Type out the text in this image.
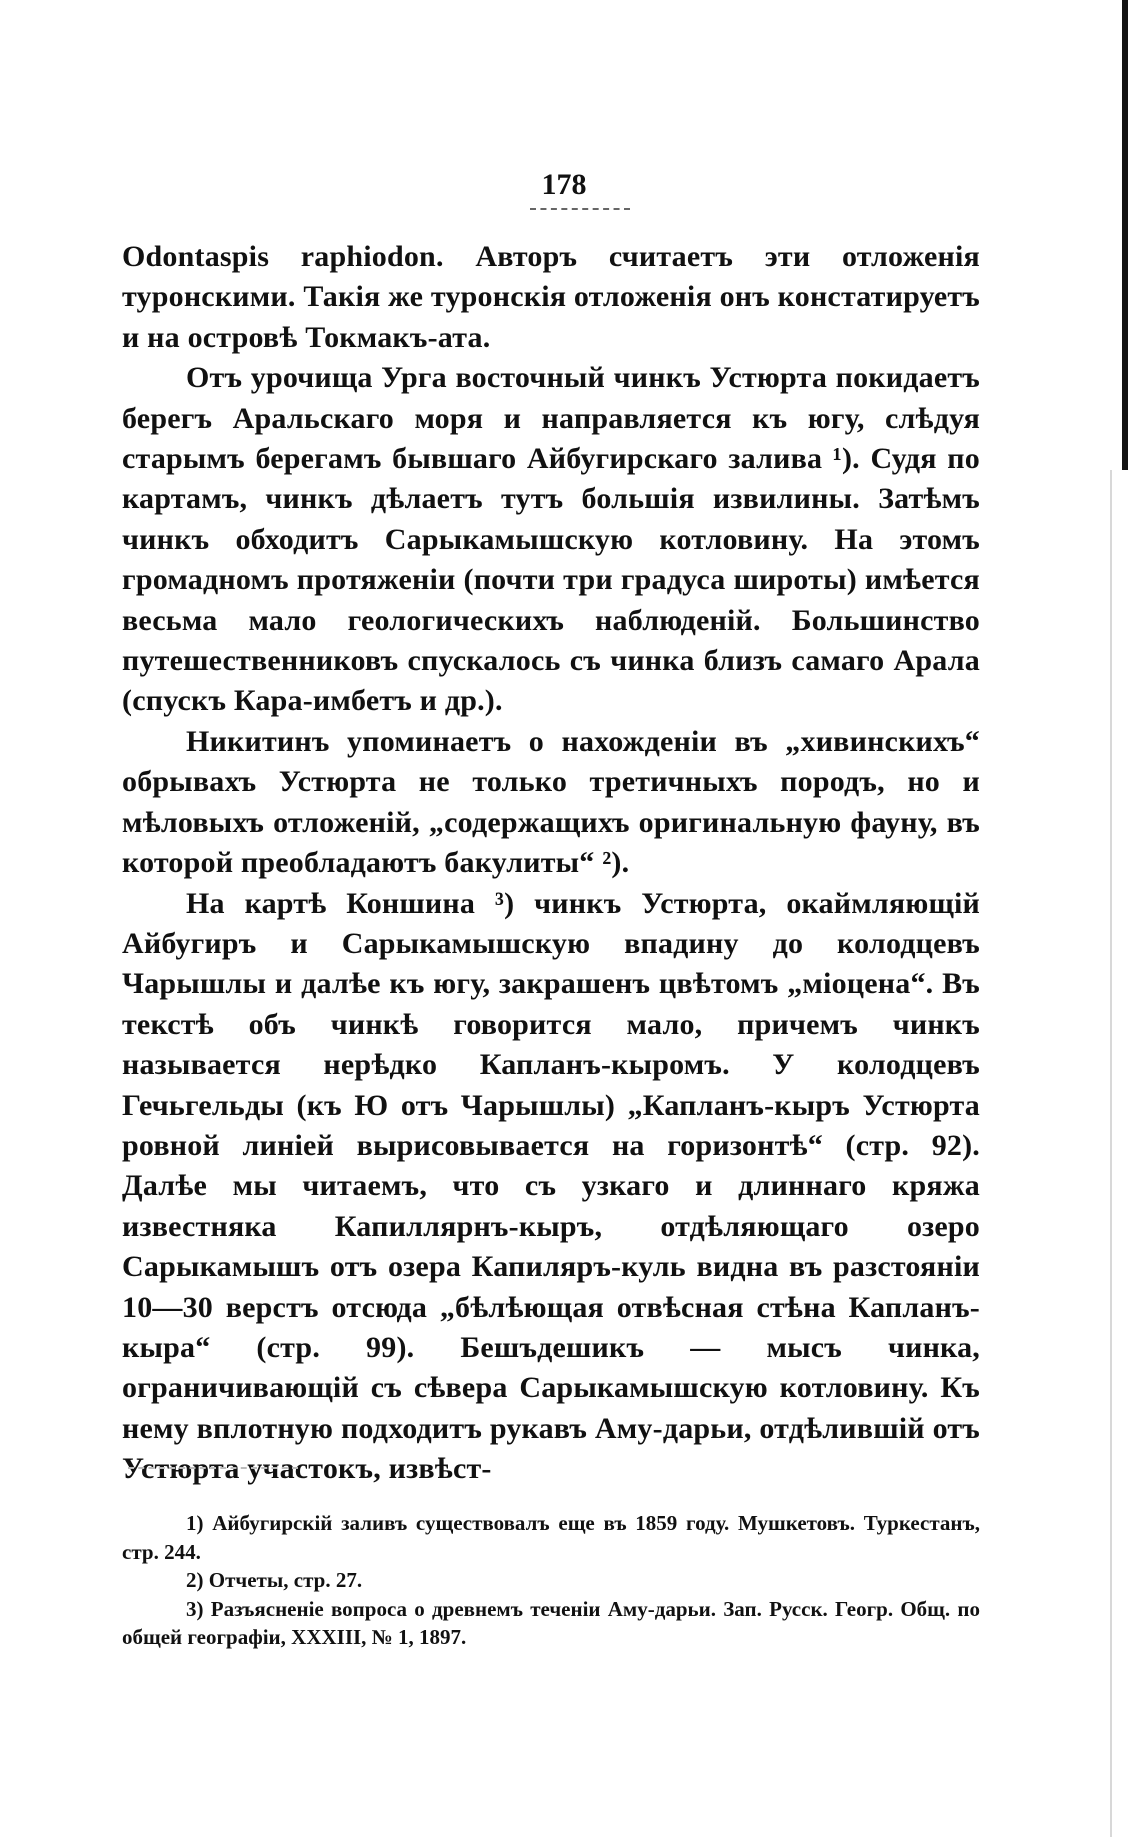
178

Odontaspis raphiodon. Авторъ считаетъ эти отложенія туронскими. Такія же туронскія отложенія онъ констатируетъ и на островѣ Токмакъ-ата.

Отъ урочища Урга восточный чинкъ Устюрта покидаетъ берегъ Аральскаго моря и направляется къ югу, слѣдуя старымъ берегамъ бывшаго Айбугирскаго залива ¹). Судя по картамъ, чинкъ дѣлаетъ тутъ большія извилины. Затѣмъ чинкъ обходитъ Сарыкамышскую котловину. На этомъ громадномъ протяженіи (почти три градуса широты) имѣется весьма мало геологическихъ наблюденій. Большинство путешественниковъ спускалось съ чинка близъ самаго Арала (спускъ Кара-имбетъ и др.).

Никитинъ упоминаетъ о нахожденіи въ „хивинскихъ“ обрывахъ Устюрта не только третичныхъ породъ, но и мѣловыхъ отложеній, „содержащихъ оригинальную фауну, въ которой преобладаютъ бакулиты“ ²).

На картѣ Коншина ³) чинкъ Устюрта, окаймляющій Айбугиръ и Сарыкамышскую впадину до колодцевъ Чарышлы и далѣе къ югу, закрашенъ цвѣтомъ „міоцена“. Въ текстѣ объ чинкѣ говорится мало, причемъ чинкъ называется нерѣдко Капланъ-кыромъ. У колодцевъ Гечьгельды (къ Ю отъ Чарышлы) „Капланъ-кыръ Устюрта ровной линіей вырисовывается на горизонтѣ“ (стр. 92). Далѣе мы читаемъ, что съ узкаго и длиннаго кряжа известняка Капиллярнъ-кыръ, отдѣляющаго озеро Сарыкамышъ отъ озера Капиляръ-куль видна въ разстояніи 10—30 верстъ отсюда „бѣлѣющая отвѣсная стѣна Капланъ-кыра“ (стр. 99). Бешъдешикъ — мысъ чинка, ограничивающій съ сѣвера Сарыкамышскую котловину. Къ нему вплотную подходитъ рукавъ Аму-дарьи, отдѣлившій отъ Устюрта участокъ, извѣст-

1) Айбугирскій заливъ существовалъ еще въ 1859 году. Мушкетовъ. Туркестанъ, стр. 244.

2) Отчеты, стр. 27.

3) Разъясненіе вопроса о древнемъ теченіи Аму-дарьи. Зап. Русск. Геогр. Общ. по общей географіи, XXXIII, № 1, 1897.
